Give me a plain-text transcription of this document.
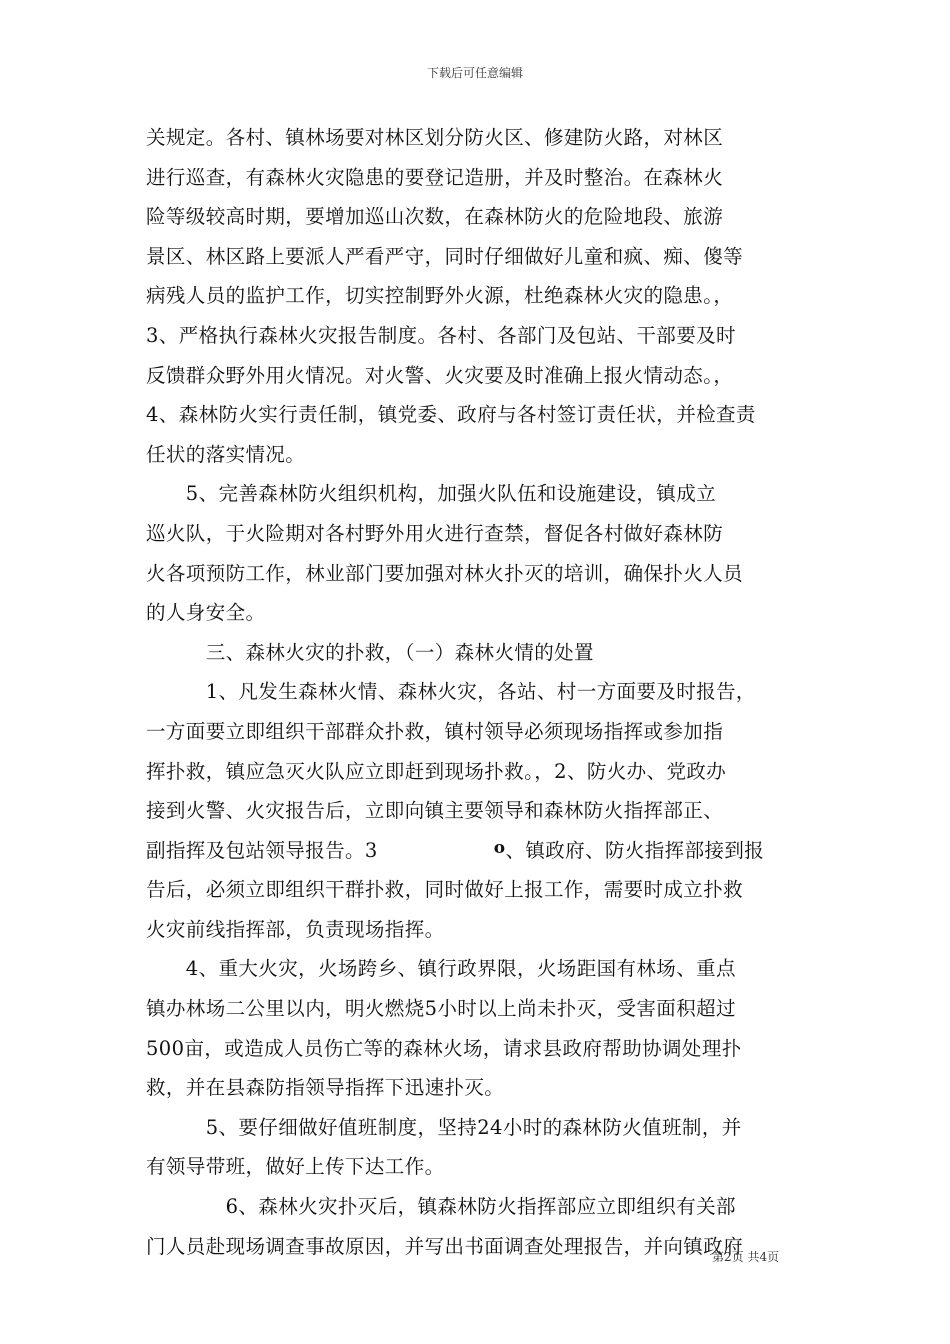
下载后可任意编辑
关规定。各村、镇林场要对林区划分防火区、修建防火路，对林区
进行巡查，有森林火灾隐患的要登记造册，并及时整治。在森林火
险等级较高时期，要增加巡山次数，在森林防火的危险地段、旅游
景区、林区路上要派人严看严守，同时仔细做好儿童和疯、痴、傻等
病残人员的监护工作，切实控制野外火源，杜绝森林火灾的隐患。，
3、严格执行森林火灾报告制度。各村、各部门及包站、干部要及时
反馈群众野外用火情况。对火警、火灾要及时准确上报火情动态。，
4、森林防火实行责任制，镇党委、政府与各村签订责任状，并检查责
任状的落实情况。
　　5、完善森林防火组织机构，加强火队伍和设施建设，镇成立
巡火队，于火险期对各村野外用火进行查禁，督促各村做好森林防
火各项预防工作，林业部门要加强对林火扑灭的培训，确保扑火人员
的人身安全。
　　　三、森林火灾的扑救，（一）森林火情的处置
　　　1、凡发生森林火情、森林火灾，各站、村一方面要及时报告，
一方面要立即组织干部群众扑救，镇村领导必须现场指挥或参加指
挥扑救，镇应急灭火队应立即赶到现场扑救。，2、防火办、党政办
接到火警、火灾报告后，立即向镇主要领导和森林防火指挥部正、
副指挥及包站领导报告。3	o、镇政府、防火指挥部接到报
告后，必须立即组织干群扑救，同时做好上报工作，需要时成立扑救
火灾前线指挥部，负责现场指挥。
　　4、重大火灾，火场跨乡、镇行政界限，火场距国有林场、重点
镇办林场二公里以内，明火燃烧5小时以上尚未扑灭，受害面积超过
500亩，或造成人员伤亡等的森林火场，请求县政府帮助协调处理扑
救，并在县森防指领导指挥下迅速扑灭。
　　　5、要仔细做好值班制度，坚持24小时的森林防火值班制，并
有领导带班，做好上传下达工作。
　　　　6、森林火灾扑灭后，镇森林防火指挥部应立即组织有关部
门人员赴现场调查事故原因，并写出书面调查处理报告，并向镇政府
第2页 共4页
